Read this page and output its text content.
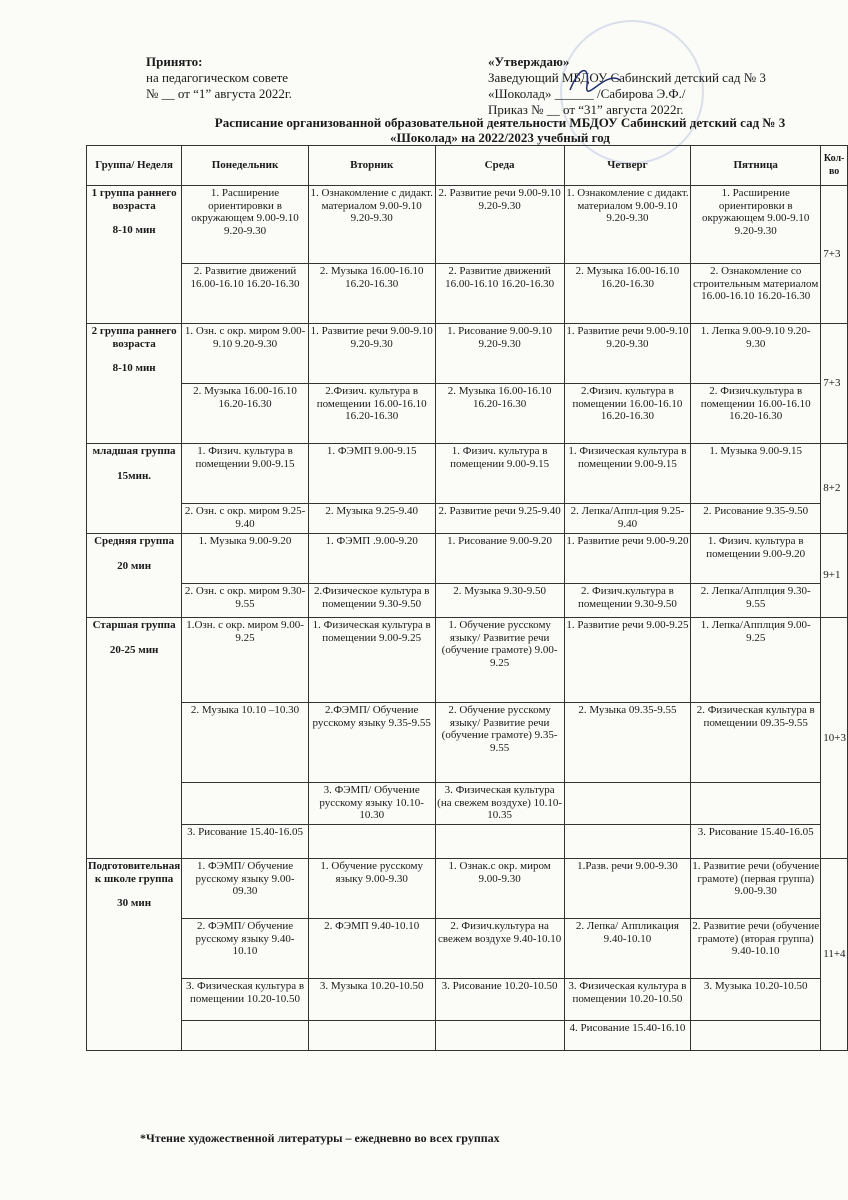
Принято:
на педагогическом совете
№ __ от “1” августа 2022г.
«Утверждаю»
Заведующий МБДОУ Сабинский детский сад № 3
«Шоколад» ______ /Сабирова Э.Ф./
Приказ № __ от “31” августа 2022г.
Расписание организованной образовательной деятельности МБДОУ Сабинский детский сад № 3
«Шоколад» на 2022/2023 учебный год
Группа/ Неделя	Понедельник	Вторник	Среда	Четверг	Пятница	Кол-во

1 группа раннего возраста
8-10 мин	1. Расширение ориентировки в окружающем 9.00-9.10 9.20-9.30	1. Ознакомление с дидакт. материалом 9.00-9.10 9.20-9.30	2. Развитие речи 9.00-9.10 9.20-9.30	1. Ознакомление с дидакт. материалом 9.00-9.10 9.20-9.30	1. Расширение ориентировки в окружающем 9.00-9.10 9.20-9.30	7+3
	2. Развитие движений 16.00-16.10 16.20-16.30	2. Музыка 16.00-16.10 16.20-16.30	2. Развитие движений 16.00-16.10 16.20-16.30	2. Музыка 16.00-16.10 16.20-16.30	2. Ознакомление со строительным материалом 16.00-16.10 16.20-16.30	

2 группа раннего возраста
8-10 мин	1. Озн. с окр. миром 9.00-9.10 9.20-9.30	1. Развитие речи 9.00-9.10 9.20-9.30	1. Рисование 9.00-9.10 9.20-9.30	1. Развитие речи 9.00-9.10 9.20-9.30	1. Лепка 9.00-9.10 9.20-9.30	7+3
	2. Музыка 16.00-16.10 16.20-16.30	2.Физич. культура в помещении 16.00-16.10 16.20-16.30	2. Музыка 16.00-16.10 16.20-16.30	2.Физич. культура в помещении 16.00-16.10 16.20-16.30	2. Физич.культура в помещении 16.00-16.10 16.20-16.30	

младшая группа
15мин.	1. Физич. культура в помещении 9.00-9.15	1. ФЭМП 9.00-9.15	1. Физич. культура в помещении 9.00-9.15	1. Физическая культура в помещении 9.00-9.15	1. Музыка 9.00-9.15	8+2
	2. Озн. с окр. миром 9.25-9.40	2. Музыка 9.25-9.40	2. Развитие речи 9.25-9.40	2. Лепка/Аппл-ция 9.25-9.40	2. Рисование 9.35-9.50	

Средняя группа
20 мин	1. Музыка 9.00-9.20	1. ФЭМП .9.00-9.20	1. Рисование 9.00-9.20	1. Развитие речи 9.00-9.20	1. Физич. культура в помещении 9.00-9.20	9+1
	2. Озн. с окр. миром 9.30-9.55	2.Физическое культура в помещении 9.30-9.50	2. Музыка 9.30-9.50	2. Физич.культура в помещении 9.30-9.50	2. Лепка/Апплция 9.30-9.55	

Старшая группа
20-25 мин	1.Озн. с окр. миром 9.00-9.25	1. Физическая культура в помещении 9.00-9.25	1. Обучение русскому языку/ Развитие речи (обучение грамоте) 9.00-9.25	1. Развитие речи 9.00-9.25	1. Лепка/Апплция 9.00-9.25	10+3
	2. Музыка 10.10 –10.30	2.ФЭМП/ Обучение русскому языку 9.35-9.55	2. Обучение русскому языку/ Развитие речи (обучение грамоте) 9.35-9.55	2. Музыка 09.35-9.55	2. Физическая культура в помещении 09.35-9.55	
		3. ФЭМП/ Обучение русскому языку 10.10-10.30	3. Физическая культура (на свежем воздухе) 10.10-10.35			
	3. Рисование 15.40-16.05				3. Рисование 15.40-16.05	

Подготовительная к школе группа
30 мин	1. ФЭМП/ Обучение русскому языку 9.00-09.30	1. Обучение русскому языку 9.00-9.30	1. Ознак.с окр. миром 9.00-9.30	1.Разв. речи 9.00-9.30	1. Развитие речи (обучение грамоте) (первая группа) 9.00-9.30	11+4
	2. ФЭМП/ Обучение русскому языку 9.40-10.10	2. ФЭМП 9.40-10.10	2. Физич.культура на свежем воздухе 9.40-10.10	2. Лепка/ Аппликация 9.40-10.10	2. Развитие речи (обучение грамоте) (вторая группа) 9.40-10.10	
	3. Физическая культура в помещении 10.20-10.50	3. Музыка 10.20-10.50	3. Рисование 10.20-10.50	3. Физическая культура в помещении 10.20-10.50	3. Музыка 10.20-10.50	
				4. Рисование 15.40-16.10		
*Чтение художественной литературы – ежедневно во всех группах
